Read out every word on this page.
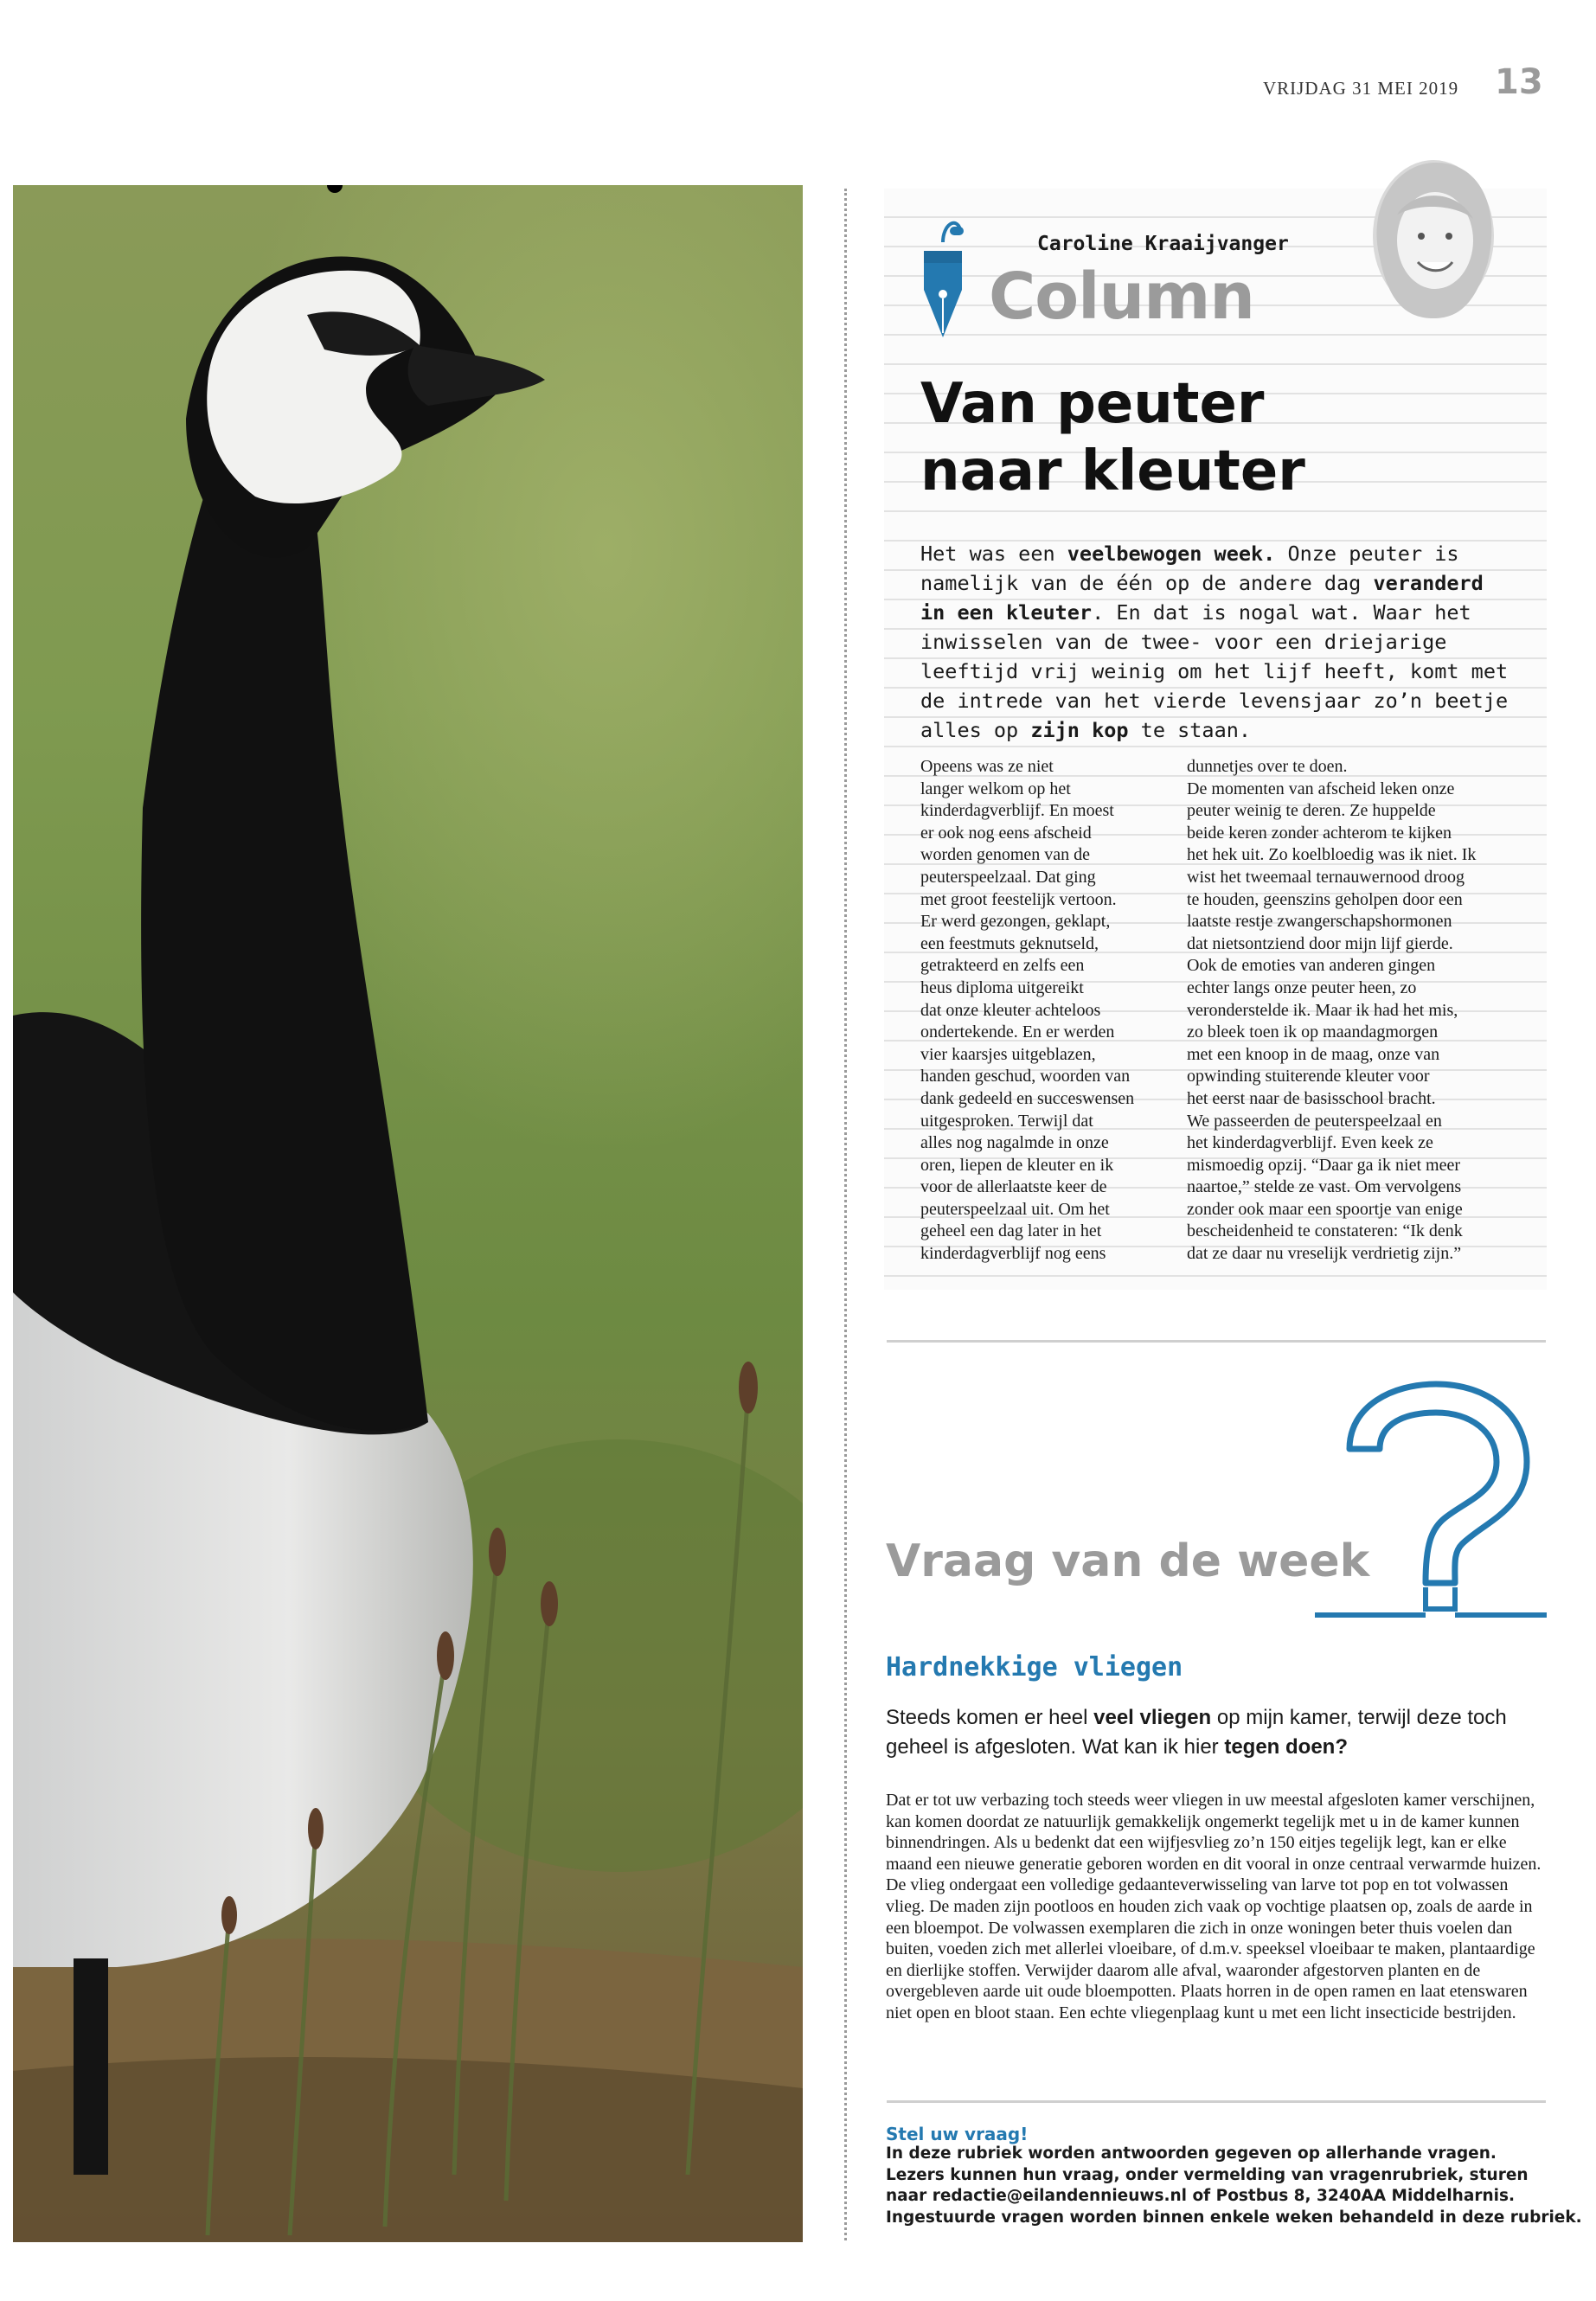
VRIJDAG 31 MEI 2019 13
Caroline Kraaijvanger
Column
Van peuter
naar kleuter
Het was een veelbewogen week. Onze peuter is namelijk van de één op de andere dag veranderd in een kleuter. En dat is nogal wat. Waar het inwisselen van de twee- voor een driejarige leeftijd vrij weinig om het lijf heeft, komt met de intrede van het vierde levensjaar zo’n beetje alles op zijn kop te staan.
Opeens was ze niet
langer welkom op het
kinderdagverblijf. En moest
er ook nog eens afscheid
worden genomen van de
peuterspeelzaal. Dat ging
met groot feestelijk vertoon.
Er werd gezongen, geklapt,
een feestmuts geknutseld,
getrakteerd en zelfs een
heus diploma uitgereikt
dat onze kleuter achteloos
ondertekende. En er werden
vier kaarsjes uitgeblazen,
handen geschud, woorden van
dank gedeeld en succeswensen
uitgesproken. Terwijl dat
alles nog nagalmde in onze
oren, liepen de kleuter en ik
voor de allerlaatste keer de
peuterspeelzaal uit. Om het
geheel een dag later in het
kinderdagverblijf nog eens
dunnetjes over te doen.
De momenten van afscheid leken onze
peuter weinig te deren. Ze huppelde
beide keren zonder achterom te kijken
het hek uit. Zo koelbloedig was ik niet. Ik
wist het tweemaal ternauwernood droog
te houden, geenszins geholpen door een
laatste restje zwangerschapshormonen
dat nietsontziend door mijn lijf gierde.
Ook de emoties van anderen gingen
echter langs onze peuter heen, zo
veronderstelde ik. Maar ik had het mis,
zo bleek toen ik op maandagmorgen
met een knoop in de maag, onze van
opwinding stuiterende kleuter voor
het eerst naar de basisschool bracht.
We passeerden de peuterspeelzaal en
het kinderdagverblijf. Even keek ze
mismoedig opzij. “Daar ga ik niet meer
naartoe,” stelde ze vast. Om vervolgens
zonder ook maar een spoortje van enige
bescheidenheid te constateren: “Ik denk
dat ze daar nu vreselijk verdrietig zijn.”
Vraag van de week
Hardnekkige vliegen
Steeds komen er heel veel vliegen op mijn kamer, terwijl deze toch geheel is afgesloten. Wat kan ik hier tegen doen?
Dat er tot uw verbazing toch steeds weer vliegen in uw meestal afgesloten kamer verschijnen, kan komen doordat ze natuurlijk gemakkelijk ongemerkt tegelijk met u in de kamer kunnen binnendringen. Als u bedenkt dat een wijfjesvlieg zo’n 150 eitjes tegelijk legt, kan er elke maand een nieuwe generatie geboren worden en dit vooral in onze centraal verwarmde huizen. De vlieg ondergaat een volledige gedaanteverwisseling van larve tot pop en tot volwassen vlieg. De maden zijn pootloos en houden zich vaak op vochtige plaatsen op, zoals de aarde in een bloempot. De volwassen exemplaren die zich in onze woningen beter thuis voelen dan buiten, voeden zich met allerlei vloeibare, of d.m.v. speeksel vloeibaar te maken, plantaardige en dierlijke stoffen. Verwijder daarom alle afval, waaronder afgestorven planten en de overgebleven aarde uit oude bloempotten. Plaats horren in de open ramen en laat etenswaren niet open en bloot staan. Een echte vliegenplaag kunt u met een licht insecticide bestrijden.
Stel uw vraag!
In deze rubriek worden antwoorden gegeven op allerhande vragen.
Lezers kunnen hun vraag, onder vermelding van vragenrubriek, sturen
naar redactie@eilandennieuws.nl of Postbus 8, 3240AA Middelharnis.
Ingestuurde vragen worden binnen enkele weken behandeld in deze rubriek.
